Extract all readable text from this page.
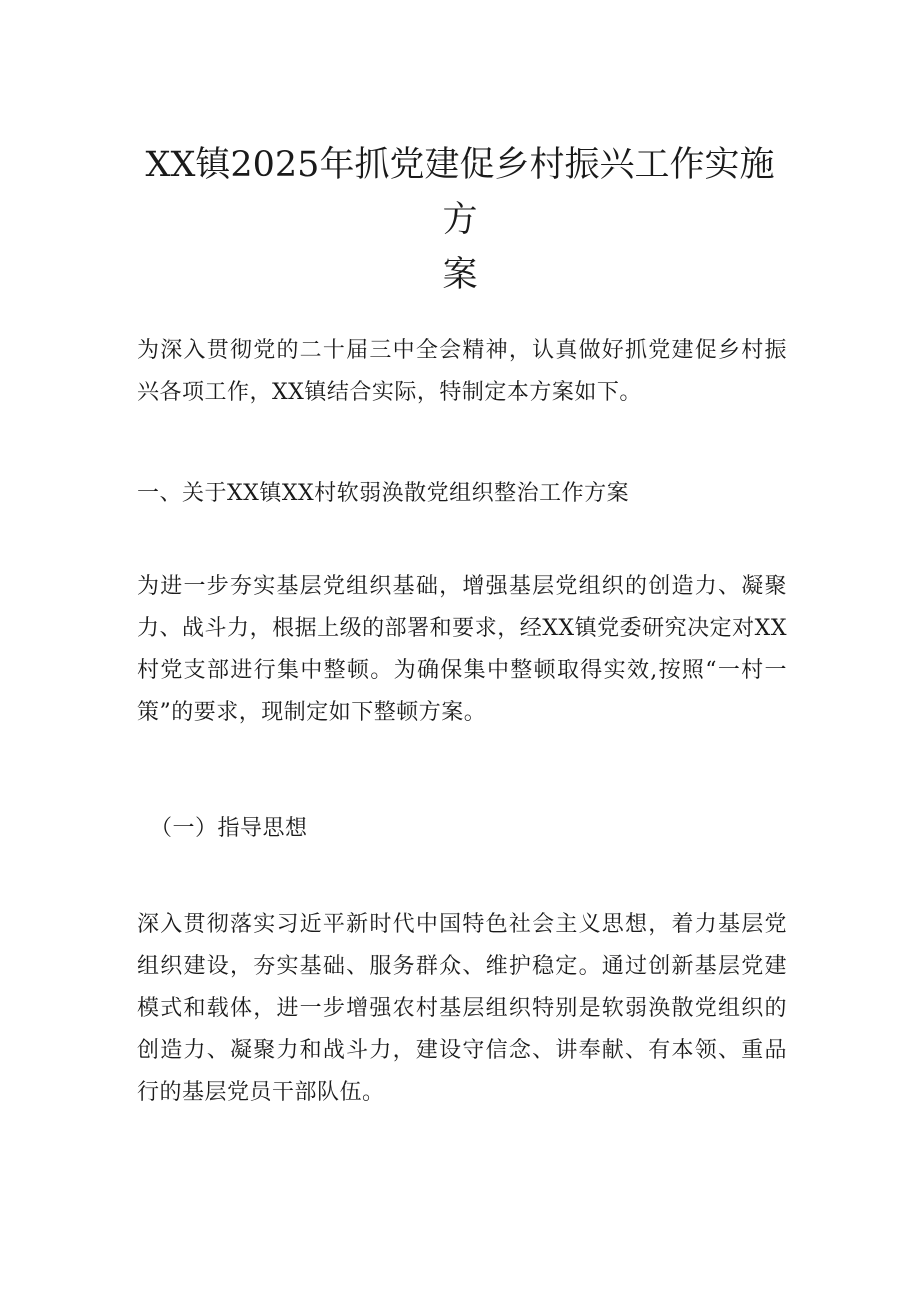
XX镇2025年抓党建促乡村振兴工作实施方
案

为深入贯彻党的二十届三中全会精神，认真做好抓党建促乡村振兴各项工作，XX镇结合实际，特制定本方案如下。

一、关于XX镇XX村软弱涣散党组织整治工作方案

为进一步夯实基层党组织基础，增强基层党组织的创造力、凝聚力、战斗力，根据上级的部署和要求，经XX镇党委研究决定对XX村党支部进行集中整顿。为确保集中整顿取得实效,按照“一村一策”的要求，现制定如下整顿方案。

（一）指导思想

深入贯彻落实习近平新时代中国特色社会主义思想，着力基层党组织建设，夯实基础、服务群众、维护稳定。通过创新基层党建模式和载体，进一步增强农村基层组织特别是软弱涣散党组织的创造力、凝聚力和战斗力，建设守信念、讲奉献、有本领、重品行的基层党员干部队伍。
